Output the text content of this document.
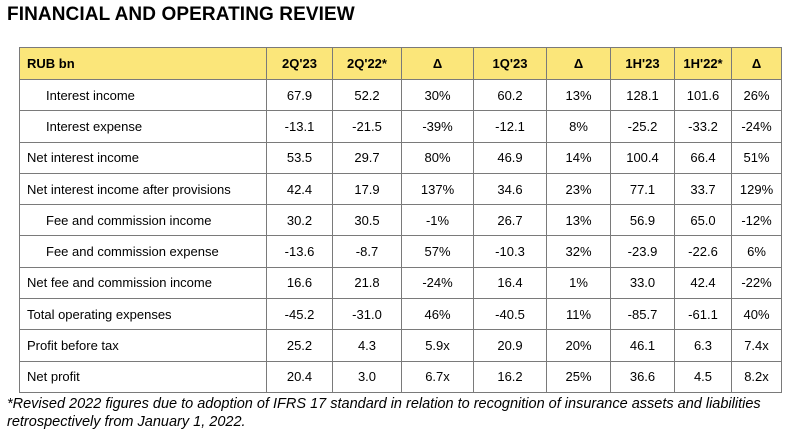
FINANCIAL AND OPERATING REVIEW
RUB bn	2Q'23	2Q'22*	Δ	1Q'23	Δ	1H'23	1H'22*	Δ
Interest income	67.9	52.2	30%	60.2	13%	128.1	101.6	26%
Interest expense	-13.1	-21.5	-39%	-12.1	8%	-25.2	-33.2	-24%
Net interest income	53.5	29.7	80%	46.9	14%	100.4	66.4	51%
Net interest income after provisions	42.4	17.9	137%	34.6	23%	77.1	33.7	129%
Fee and commission income	30.2	30.5	-1%	26.7	13%	56.9	65.0	-12%
Fee and commission expense	-13.6	-8.7	57%	-10.3	32%	-23.9	-22.6	6%
Net fee and commission income	16.6	21.8	-24%	16.4	1%	33.0	42.4	-22%
Total operating expenses	-45.2	-31.0	46%	-40.5	11%	-85.7	-61.1	40%
Profit before tax	25.2	4.3	5.9x	20.9	20%	46.1	6.3	7.4x
Net profit	20.4	3.0	6.7x	16.2	25%	36.6	4.5	8.2x
*Revised 2022 figures due to adoption of IFRS 17 standard in relation to recognition of insurance assets and liabilities retrospectively from January 1, 2022.
